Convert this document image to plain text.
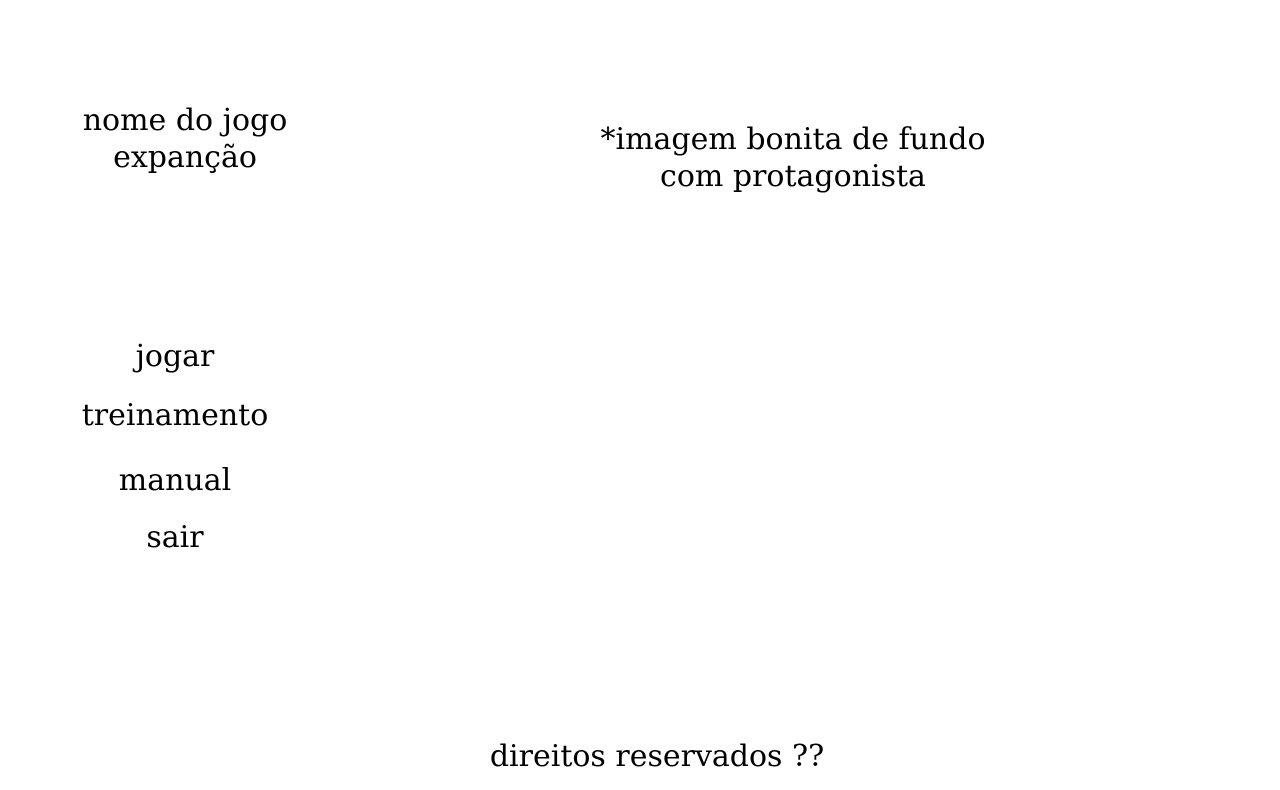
nome do jogo
expanção
*imagem bonita de fundo
com protagonista
jogar
treinamento
manual
sair
direitos reservados ??
